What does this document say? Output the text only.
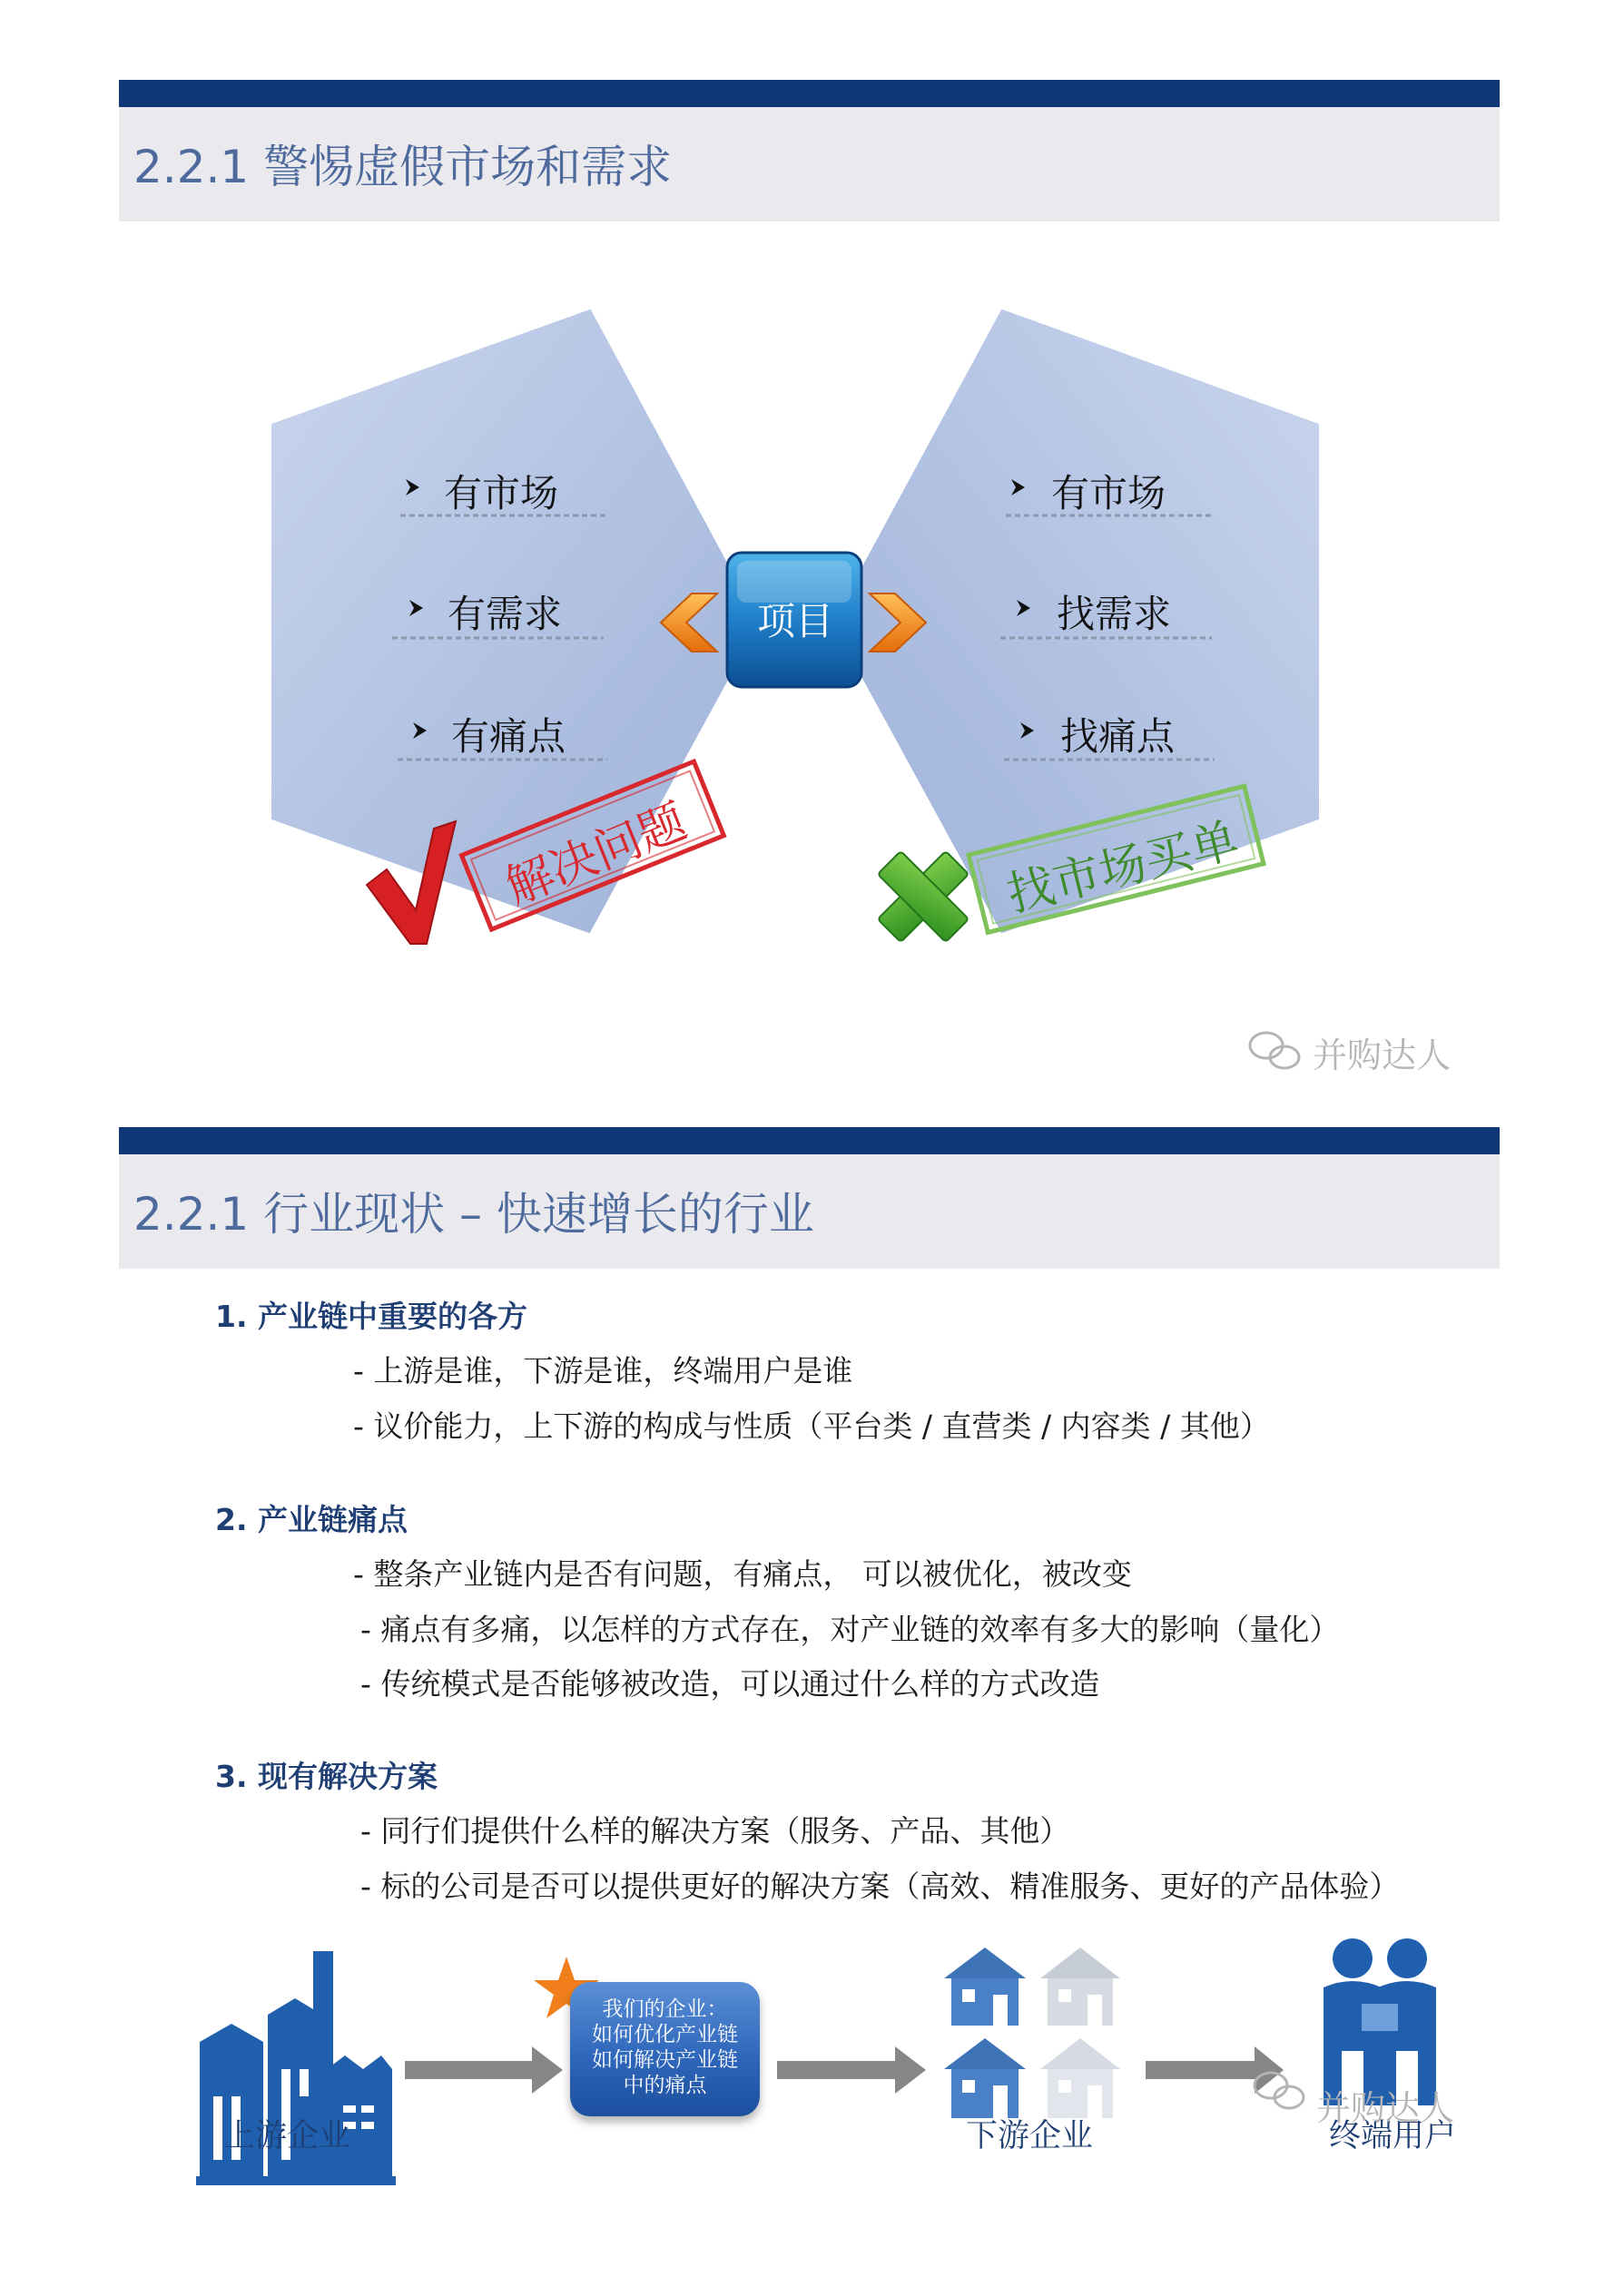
2.2.1 警惕虚假市场和需求
有市场
有需求
有痛点
有市场
找需求
找痛点
项目
解决问题	找市场买单
并购达人
2.2.1 行业现状 – 快速增长的行业
1. 产业链中重要的各方
- 上游是谁，下游是谁，终端用户是谁
- 议价能力，上下游的构成与性质（平台类 / 直营类 / 内容类 / 其他）
2. 产业链痛点
- 整条产业链内是否有问题，有痛点， 可以被优化，被改变
- 痛点有多痛，以怎样的方式存在，对产业链的效率有多大的影响（量化）
- 传统模式是否能够被改造，可以通过什么样的方式改造
3. 现有解决方案
- 同行们提供什么样的解决方案（服务、产品、其他）
- 标的公司是否可以提供更好的解决方案（高效、精准服务、更好的产品体验）
我们的企业：
如何优化产业链
如何解决产业链
中的痛点
上游企业	下游企业	终端用户
并购达人
